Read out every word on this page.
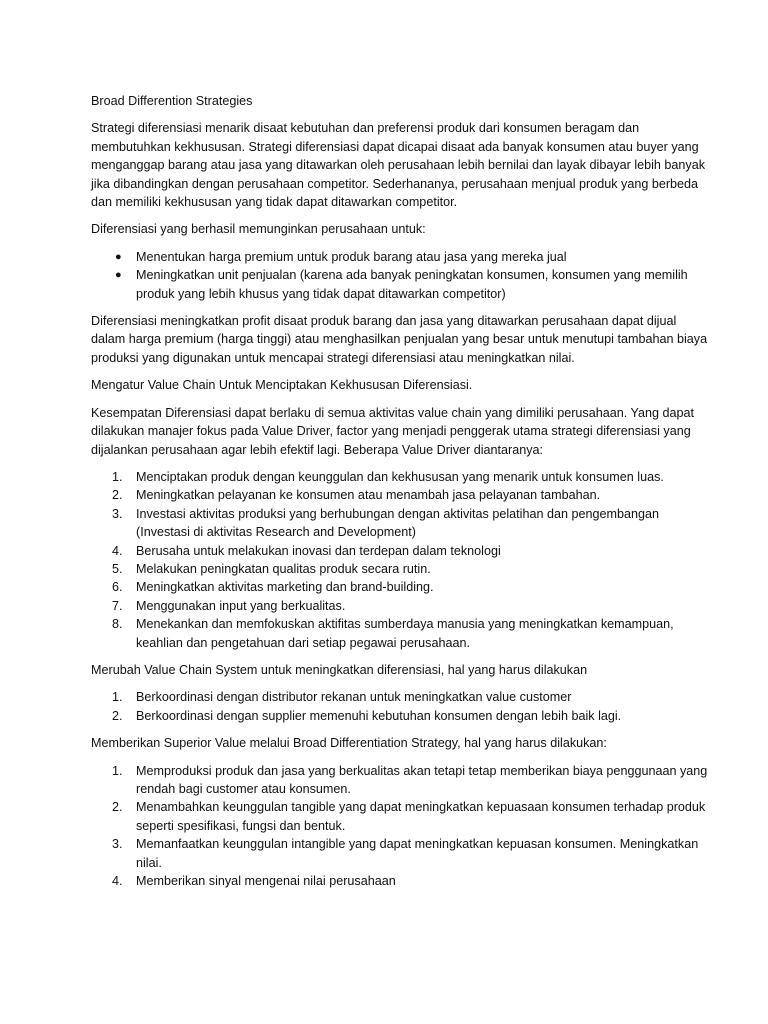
Broad Differention Strategies

Strategi diferensiasi menarik disaat kebutuhan dan preferensi produk dari konsumen beragam dan membutuhkan kekhususan. Strategi diferensiasi dapat dicapai disaat ada banyak konsumen atau buyer yang menganggap barang atau jasa yang ditawarkan oleh perusahaan lebih bernilai dan layak dibayar lebih banyak jika dibandingkan dengan perusahaan competitor. Sederhananya, perusahaan menjual produk yang berbeda dan memiliki kekhususan yang tidak dapat ditawarkan competitor.

Diferensiasi yang berhasil memunginkan perusahaan untuk:

● Menentukan harga premium untuk produk barang atau jasa yang mereka jual
● Meningkatkan unit penjualan (karena ada banyak peningkatan konsumen, konsumen yang memilih produk yang lebih khusus yang tidak dapat ditawarkan competitor)

Diferensiasi meningkatkan profit disaat produk barang dan jasa yang ditawarkan perusahaan dapat dijual dalam harga premium (harga tinggi) atau menghasilkan penjualan yang besar untuk menutupi tambahan biaya produksi yang digunakan untuk mencapai strategi diferensiasi atau meningkatkan nilai.

Mengatur Value Chain Untuk Menciptakan Kekhususan Diferensiasi.

Kesempatan Diferensiasi dapat berlaku di semua aktivitas value chain yang dimiliki perusahaan. Yang dapat dilakukan manajer fokus pada Value Driver, factor yang menjadi penggerak utama strategi diferensiasi yang dijalankan perusahaan agar lebih efektif lagi. Beberapa Value Driver diantaranya:

1. Menciptakan produk dengan keunggulan dan kekhususan yang menarik untuk konsumen luas.
2. Meningkatkan pelayanan ke konsumen atau menambah jasa pelayanan tambahan.
3. Investasi aktivitas produksi yang berhubungan dengan aktivitas pelatihan dan pengembangan (Investasi di aktivitas Research and Development)
4. Berusaha untuk melakukan inovasi dan terdepan dalam teknologi
5. Melakukan peningkatan qualitas produk secara rutin.
6. Meningkatkan aktivitas marketing dan brand-building.
7. Menggunakan input yang berkualitas.
8. Menekankan dan memfokuskan aktifitas sumberdaya manusia yang meningkatkan kemampuan, keahlian dan pengetahuan dari setiap pegawai perusahaan.

Merubah Value Chain System untuk meningkatkan diferensiasi, hal yang harus dilakukan

1. Berkoordinasi dengan distributor rekanan untuk meningkatkan value customer
2. Berkoordinasi dengan supplier memenuhi kebutuhan konsumen dengan lebih baik lagi.

Memberikan Superior Value melalui Broad Differentiation Strategy, hal yang harus dilakukan:

1. Memproduksi produk dan jasa yang berkualitas akan tetapi tetap memberikan biaya penggunaan yang rendah bagi customer atau konsumen.
2. Menambahkan keunggulan tangible yang dapat meningkatkan kepuasaan konsumen terhadap produk seperti spesifikasi, fungsi dan bentuk.
3. Memanfaatkan keunggulan intangible yang dapat meningkatkan kepuasan konsumen. Meningkatkan nilai.
4. Memberikan sinyal mengenai nilai perusahaan
